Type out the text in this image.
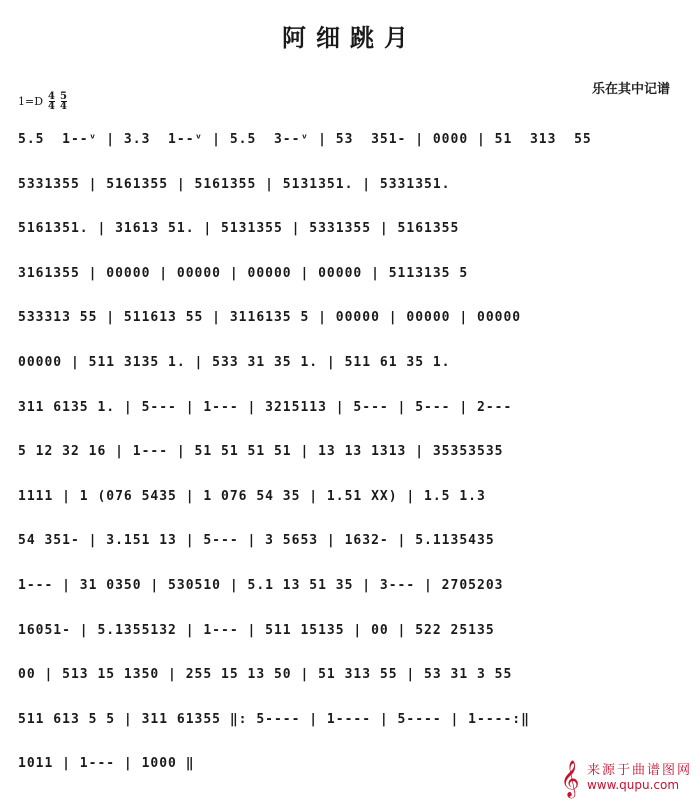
阿细跳月
乐在其中记谱
$1=D \frac{4}{4} \frac{5}{4}$
5.5  1--ᵛ | 3.3  1--ᵛ | 5.5  3--ᵛ | 53  351- | 0000 | 51  313  55
5331355 | 5161355 | 5161355 | 5131351. | 5331351.
5161351. | 31613 51. | 5131355 | 5331355 | 5161355
3161355 | 00000 | 00000 | 00000 | 00000 | 5113135 5
533313 55 | 511613 55 | 3116135 5 | 00000 | 00000 | 00000
00000 | 511 3135 1. | 533 31 35 1. | 511 61 35 1.
311 6135 1. | 5--- | 1--- | 3215113 | 5--- | 5--- | 2---
5 12 32 16 | 1--- | 51 51 51 51 | 13 13 1313 | 35353535
1111 | 1 (076 5435 | 1 076 54 35 | 1.51 XX) | 1.5 1.3
54 351- | 3.151 13 | 5--- | 3 5653 | 1632- | 5.1135435
1--- | 31 0350 | 530510 | 5.1 13 51 35 | 3--- | 2705203
16051- | 5.1355132 | 1--- | 511 15135 | 00 | 522 25135
00 | 513 15 1350 | 255 15 13 50 | 51 313 55 | 53 31 3 55
511 613 5 5 | 311 61355 ‖: 5---- | 1---- | 5---- | 1----:‖
1011 | 1--- | 1000 ‖	𝄞 来源于曲谱图网
www.qupu.com
